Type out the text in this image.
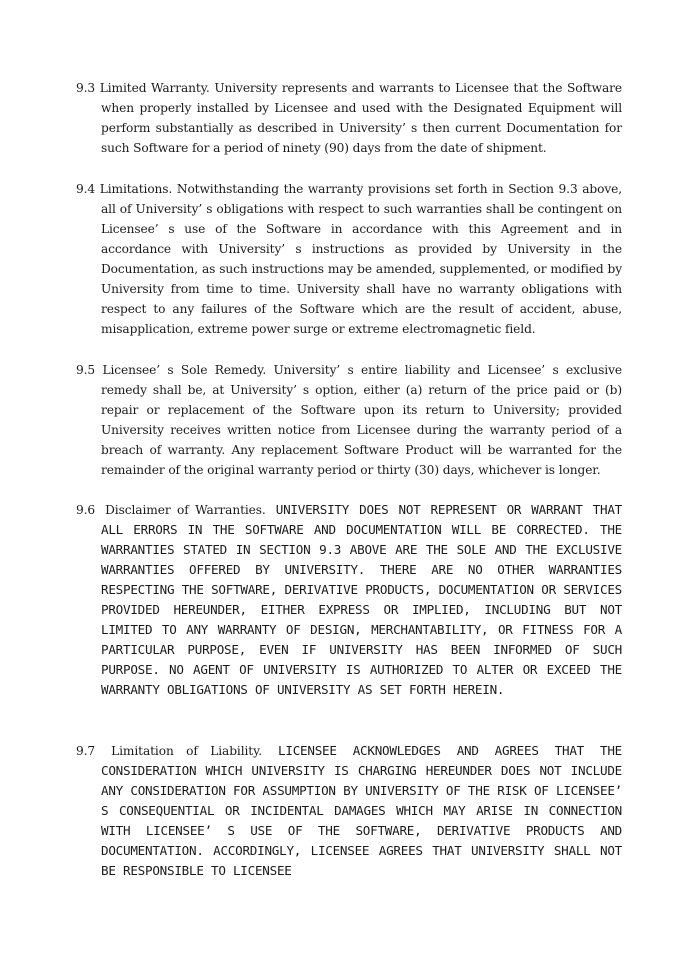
9.3 Limited Warranty. University represents and warrants to Licensee that the Software when properly installed by Licensee and used with the Designated Equipment will perform substantially as described in University’ s then current Documentation for such Software for a period of ninety (90) days from the date of shipment.

9.4 Limitations. Notwithstanding the warranty provisions set forth in Section 9.3 above, all of University’ s obligations with respect to such warranties shall be contingent on Licensee’ s use of the Software in accordance with this Agreement and in accordance with University’ s instructions as provided by University in the Documentation, as such instructions may be amended, supplemented, or modified by University from time to time. University shall have no warranty obligations with respect to any failures of the Software which are the result of accident, abuse, misapplication, extreme power surge or extreme electromagnetic field.

9.5 Licensee’ s Sole Remedy. University’ s entire liability and Licensee’ s exclusive remedy shall be, at University’ s option, either (a) return of the price paid or (b) repair or replacement of the Software upon its return to University; provided University receives written notice from Licensee during the warranty period of a breach of warranty. Any replacement Software Product will be warranted for the remainder of the original warranty period or thirty (30) days, whichever is longer.

9.6 Disclaimer of Warranties. UNIVERSITY DOES NOT REPRESENT OR WARRANT THAT ALL ERRORS IN THE SOFTWARE AND DOCUMENTATION WILL BE CORRECTED. THE WARRANTIES STATED IN SECTION 9.3 ABOVE ARE THE SOLE AND THE EXCLUSIVE WARRANTIES OFFERED BY UNIVERSITY. THERE ARE NO OTHER WARRANTIES RESPECTING THE SOFTWARE, DERIVATIVE PRODUCTS, DOCUMENTATION OR SERVICES PROVIDED HEREUNDER, EITHER EXPRESS OR IMPLIED, INCLUDING BUT NOT LIMITED TO ANY WARRANTY OF DESIGN, MERCHANTABILITY, OR FITNESS FOR A PARTICULAR PURPOSE, EVEN IF UNIVERSITY HAS BEEN INFORMED OF SUCH PURPOSE. NO AGENT OF UNIVERSITY IS AUTHORIZED TO ALTER OR EXCEED THE WARRANTY OBLIGATIONS OF UNIVERSITY AS SET FORTH HEREIN.

9.7 Limitation of Liability. LICENSEE ACKNOWLEDGES AND AGREES THAT THE CONSIDERATION WHICH UNIVERSITY IS CHARGING HEREUNDER DOES NOT INCLUDE ANY CONSIDERATION FOR ASSUMPTION BY UNIVERSITY OF THE RISK OF LICENSEE’ S CONSEQUENTIAL OR INCIDENTAL DAMAGES WHICH MAY ARISE IN CONNECTION WITH LICENSEE’ S USE OF THE SOFTWARE, DERIVATIVE PRODUCTS AND DOCUMENTATION. ACCORDINGLY, LICENSEE AGREES THAT UNIVERSITY SHALL NOT BE RESPONSIBLE TO LICENSEE
